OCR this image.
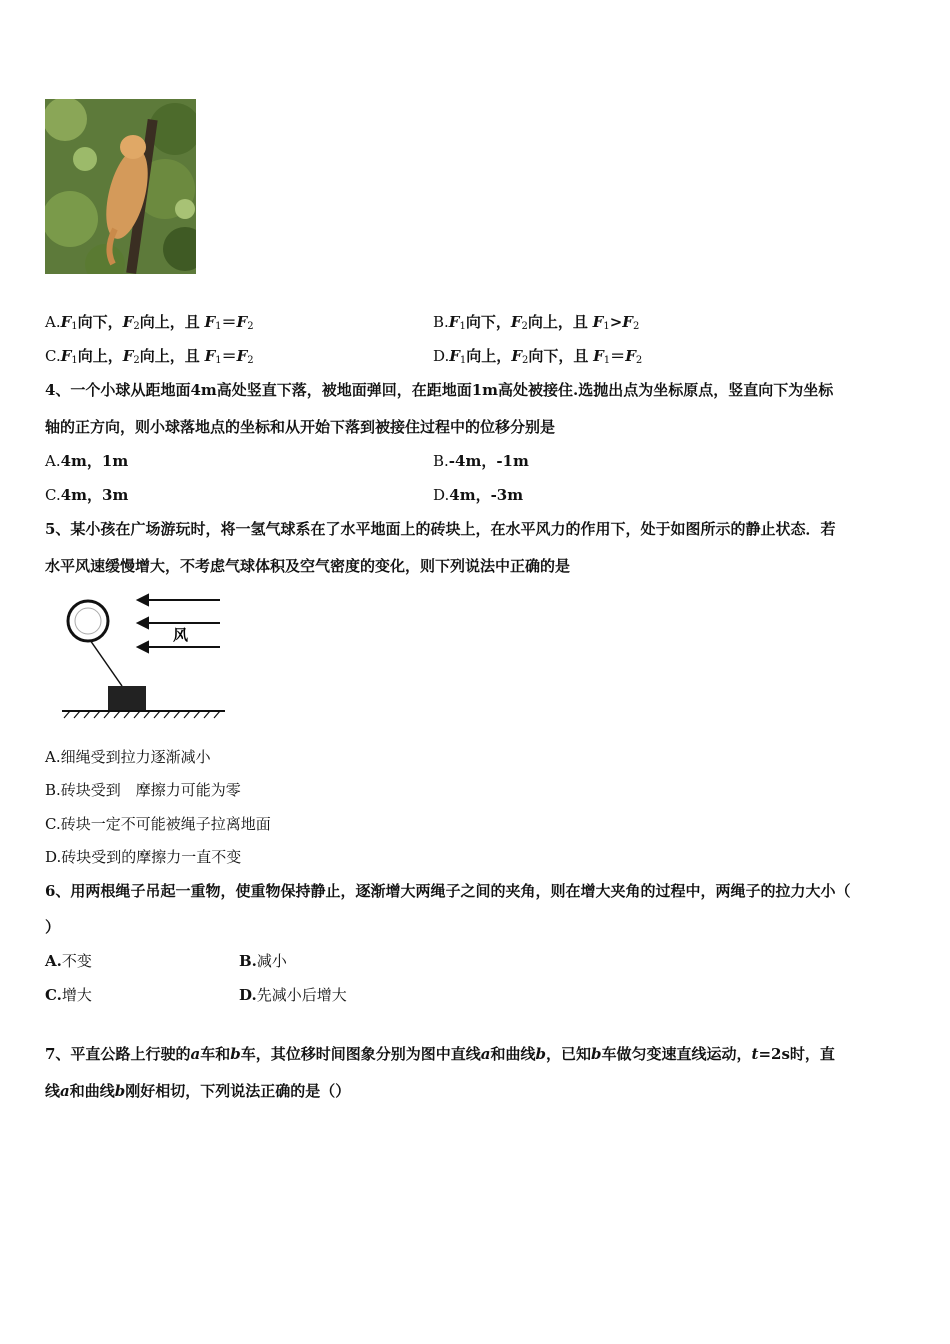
$A.F_1$向下，$F_2$向上，且 $F_1=F_2$	$B.F_1$向下，$F_2$向上，且 $F_1>F_2$
$C.F_1$向上，$F_2$向上，且 $F_1=F_2$	$D.F_1$向上，$F_2$向下，且 $F_1=F_2$
4、一个小球从距地面4m高处竖直下落，被地面弹回，在距地面1m高处被接住.选抛出点为坐标原点，竖直向下为坐标
轴的正方向，则小球落地点的坐标和从开始下落到被接住过程中的位移分别是
A.4m，1m	B.-4m，-1m
C.4m，3m	D.4m，-3m
5、某小孩在广场游玩时，将一氢气球系在了水平地面上的砖块上，在水平风力的作用下，处于如图所示的静止状态．若
水平风速缓慢增大，不考虑气球体积及空气密度的变化，则下列说法中正确的是
风
A.细绳受到拉力逐渐减小
B.砖块受到　摩擦力可能为零
C.砖块一定不可能被绳子拉离地面
D.砖块受到的摩擦力一直不变
6、用两根绳子吊起一重物，使重物保持静止，逐渐增大两绳子之间的夹角，则在增大夹角的过程中，两绳子的拉力大小（
）
A.不变	B.减小
C.增大	D.先减小后增大
7、平直公路上行驶的a车和b车，其位移时间图象分别为图中直线a和曲线b，已知b车做匀变速直线运动，t=2s时，直
线a和曲线b刚好相切，下列说法正确的是（）
